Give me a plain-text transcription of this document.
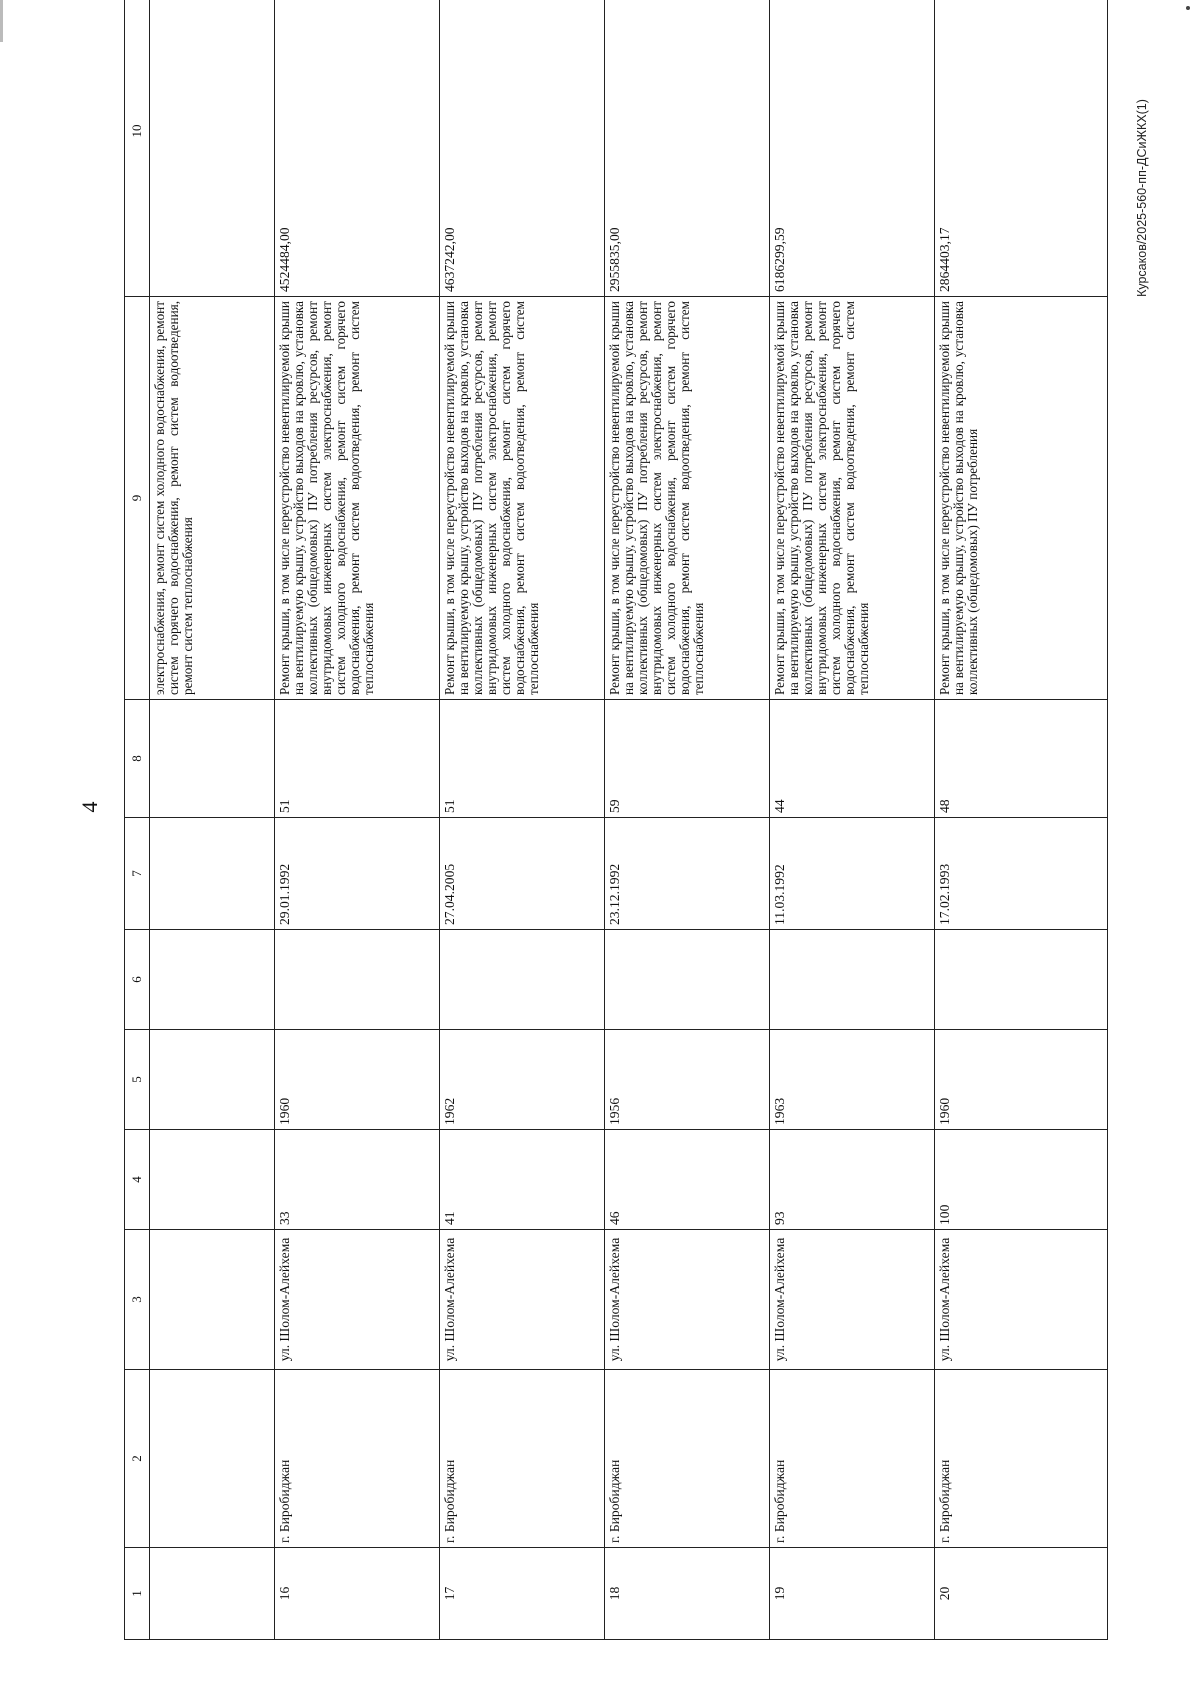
4
Курсаков/2025-560-пп-ДСиЖКХ(1)
1	2	3	4	5	6	7	8	9	10
								электроснабжения, ремонт систем холодного водоснабжения, ремонт систем горячего водоснабжения, ремонт систем водоотведения, ремонт систем теплоснабжения	
16	г. Биробиджан	ул. Шолом-Алейхема	33	1960		29.01.1992	51	Ремонт крыши, в том числе переустройство невентилируемой крыши на вентилируемую крышу, устройство выходов на кровлю, установка коллективных (общедомовых) ПУ потребления ресурсов, ремонт внутридомовых инженерных систем электроснабжения, ремонт систем холодного водоснабжения, ремонт систем горячего водоснабжения, ремонт систем водоотведения, ремонт систем теплоснабжения	4524484,00
17	г. Биробиджан	ул. Шолом-Алейхема	41	1962		27.04.2005	51	Ремонт крыши, в том числе переустройство невентилируемой крыши на вентилируемую крышу, устройство выходов на кровлю, установка коллективных (общедомовых) ПУ потребления ресурсов, ремонт внутридомовых инженерных систем электроснабжения, ремонт систем холодного водоснабжения, ремонт систем горячего водоснабжения, ремонт систем водоотведения, ремонт систем теплоснабжения	4637242,00
18	г. Биробиджан	ул. Шолом-Алейхема	46	1956		23.12.1992	59	Ремонт крыши, в том числе переустройство невентилируемой крыши на вентилируемую крышу, устройство выходов на кровлю, установка коллективных (общедомовых) ПУ потребления ресурсов, ремонт внутридомовых инженерных систем электроснабжения, ремонт систем холодного водоснабжения, ремонт систем горячего водоснабжения, ремонт систем водоотведения, ремонт систем теплоснабжения	2955835,00
19	г. Биробиджан	ул. Шолом-Алейхема	93	1963		11.03.1992	44	Ремонт крыши, в том числе переустройство невентилируемой крыши на вентилируемую крышу, устройство выходов на кровлю, установка коллективных (общедомовых) ПУ потребления ресурсов, ремонт внутридомовых инженерных систем электроснабжения, ремонт систем холодного водоснабжения, ремонт систем горячего водоснабжения, ремонт систем водоотведения, ремонт систем теплоснабжения	6186299,59
20	г. Биробиджан	ул. Шолом-Алейхема	100	1960		17.02.1993	48	Ремонт крыши, в том числе переустройство невентилируемой крыши на вентилируемую крышу, устройство выходов на кровлю, установка коллективных (общедомовых) ПУ потребления	2864403,17
